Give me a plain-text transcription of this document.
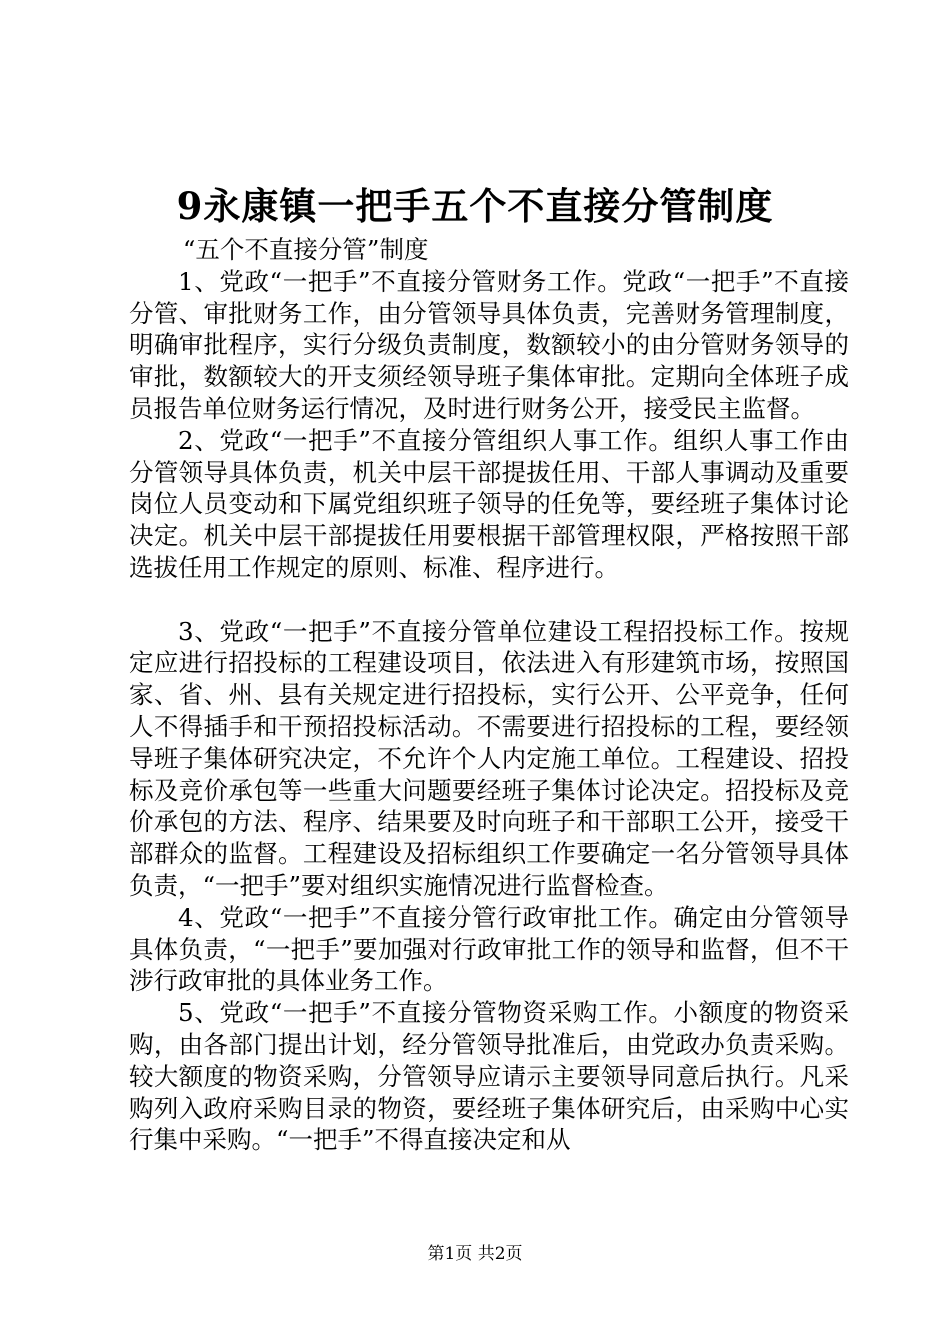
9永康镇一把手五个不直接分管制度

“五个不直接分管”制度

1、党政“一把手”不直接分管财务工作。党政“一把手”不直接分管、审批财务工作，由分管领导具体负责，完善财务管理制度，明确审批程序，实行分级负责制度，数额较小的由分管财务领导的审批，数额较大的开支须经领导班子集体审批。定期向全体班子成员报告单位财务运行情况，及时进行财务公开，接受民主监督。

2、党政“一把手”不直接分管组织人事工作。组织人事工作由分管领导具体负责，机关中层干部提拔任用、干部人事调动及重要岗位人员变动和下属党组织班子领导的任免等，要经班子集体讨论决定。机关中层干部提拔任用要根据干部管理权限，严格按照干部选拔任用工作规定的原则、标准、程序进行。

3、党政“一把手”不直接分管单位建设工程招投标工作。按规定应进行招投标的工程建设项目，依法进入有形建筑市场，按照国家、省、州、县有关规定进行招投标，实行公开、公平竞争，任何人不得插手和干预招投标活动。不需要进行招投标的工程，要经领导班子集体研究决定，不允许个人内定施工单位。工程建设、招投标及竞价承包等一些重大问题要经班子集体讨论决定。招投标及竞价承包的方法、程序、结果要及时向班子和干部职工公开，接受干部群众的监督。工程建设及招标组织工作要确定一名分管领导具体负责，“一把手”要对组织实施情况进行监督检查。

4、党政“一把手”不直接分管行政审批工作。确定由分管领导具体负责，“一把手”要加强对行政审批工作的领导和监督，但不干涉行政审批的具体业务工作。

5、党政“一把手”不直接分管物资采购工作。小额度的物资采购，由各部门提出计划，经分管领导批准后，由党政办负责采购。较大额度的物资采购，分管领导应请示主要领导同意后执行。凡采购列入政府采购目录的物资，要经班子集体研究后，由采购中心实行集中采购。“一把手”不得直接决定和从

第1页 共2页
